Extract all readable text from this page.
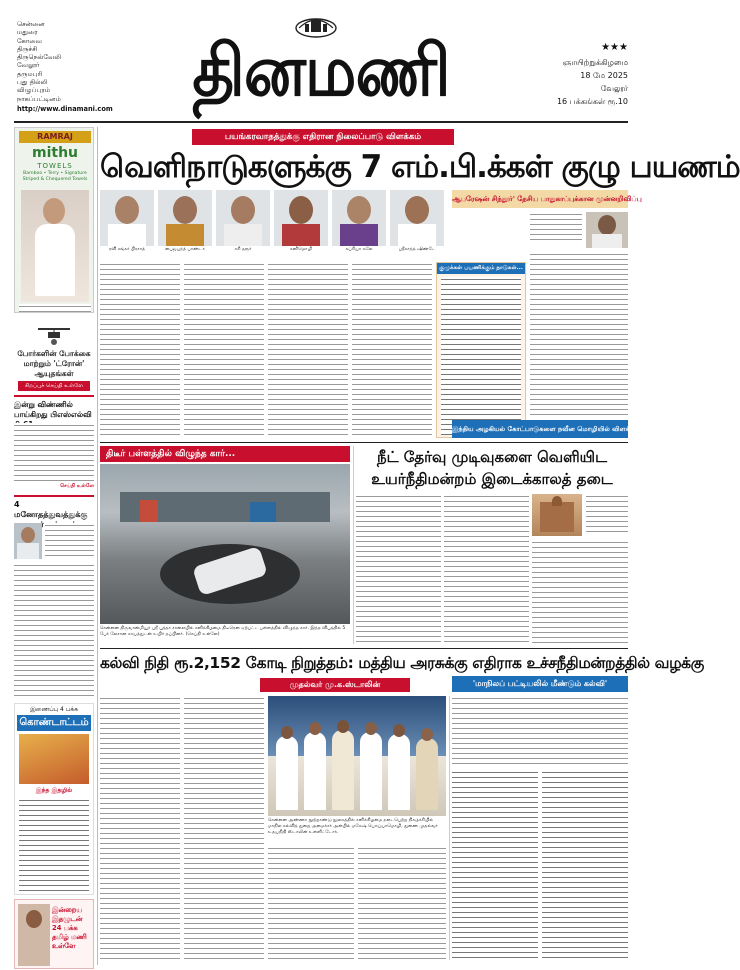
சென்னை
மதுரை
கோவை
திருச்சி
திருநெல்வேலி
வேலூர்
தருமபுரி
புது தில்லி
விழுப்புரம்
நாகப்பட்டினம்
http://www.dinamani.com	தினமணி	★★★
ஞாயிற்றுக்கிழமை
18 மே 2025
வேலூர்
16 பக்கங்கள் ரூ.10
RAMRAJ
mithu
TOWELS
Bamboo • Terry • Signature Striped & Chequered Towels
போர்களின் போக்கை மாற்றும் 'ட்ரோன்' ஆயுதங்கள்
சிறப்புச் செய்தி உள்ளே
இன்று விண்ணில் பாய்கிறது பிஎஸ்எல்வி
செய்தி உள்ளே
4 மனோதத்துவத்துக்கு
இணைப்பு 4 பக்க
கொண்டாட்டம்
இந்த இதழில்
இன்றைய இதழுடன் 24 பக்க தமிழ் மணி உள்ளே
பயங்கரவாதத்துக்கு எதிரான நிலைப்பாடு விளக்கம்
வெளிநாடுகளுக்கு 7 எம்.பி.க்கள் குழு பயணம்
ரவி சங்கர் பிரசாத்	பைஜயந்த் பாண்டா	சசி தரூர்	கனிமொழி	சுப்ரியா சுலே	ஸ்ரீகாந்த் ஷிண்டே
குழுக்கள் பயணிக்கும் நாடுகள்...
ஆபரேஷன் சிந்தூர்' தேசிய பாதுகாப்புக்கான முன்னறிவிப்பு
இந்திய அழகியல் கோட்பாடுகளை நவீன மொழியில் விளக்கிய மகான்
திடீர் பள்ளத்தில் விழுந்த கார்...
சென்னை திருவான்மியூர் ஸ்ரீ புத்தா சாலையில் சனிக்கிழமை திடீரென ஏற்பட்ட பள்ளத்தில் விழுந்த கார். இந்த விபத்தில் 5 பேர் லேசான காயத்துடன் உயிர் தப்பினர். (செய்தி உள்ளே)
நீட் தேர்வு முடிவுகளை வெளியிட
உயர்நீதிமன்றம் இடைக்காலத் தடை
கல்வி நிதி ரூ.2,152 கோடி நிறுத்தம்: மத்திய அரசுக்கு எதிராக உச்சநீதிமன்றத்தில் வழக்கு
முதல்வர் மு.க.ஸ்டாலின்	'மாநிலப் பட்டியலில் மீண்டும் கல்வி'
சென்னை அண்ணா நூற்றாண்டு நூலகத்தில் சனிக்கிழமை நடைபெற்ற நிகழ்ச்சியில் மாநில கல்வித் துறை அமைச்சர் அன்பில் மகேஷ் பொய்யாமொழி, துணை முதல்வர் உதயநிதி ஸ்டாலின் உள்ளிட்டோர்.
